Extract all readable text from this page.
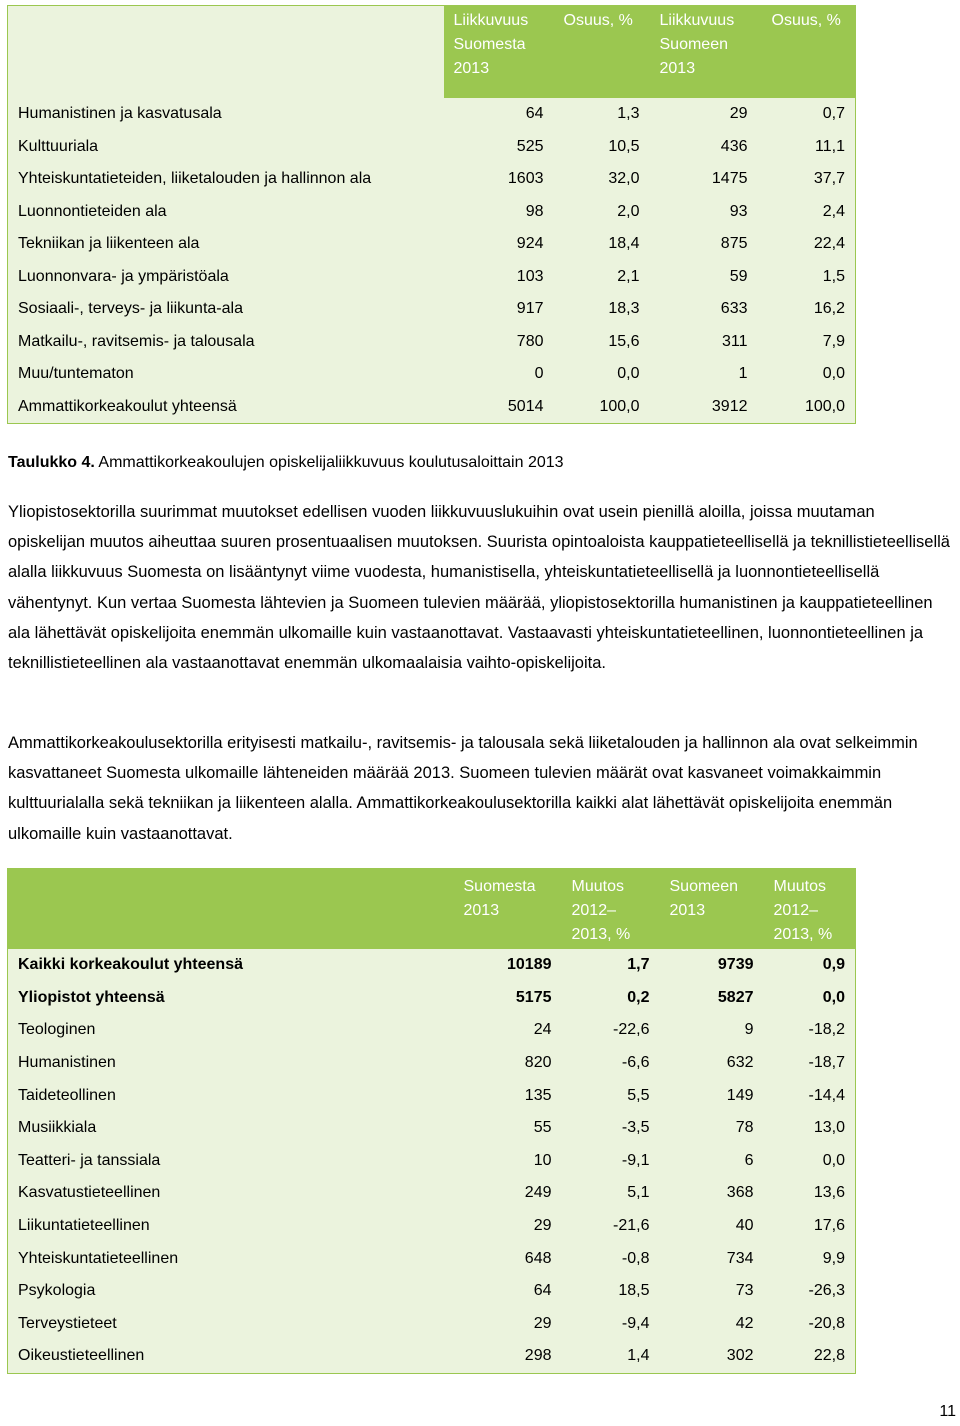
	Liikkuvuus Suomesta 2013	Osuus, %	Liikkuvuus Suomeen 2013	Osuus, %
Humanistinen ja kasvatusala	64	1,3	29	0,7
Kulttuuriala	525	10,5	436	11,1
Yhteiskuntatieteiden, liiketalouden ja hallinnon ala	1603	32,0	1475	37,7
Luonnontieteiden ala	98	2,0	93	2,4
Tekniikan ja liikenteen ala	924	18,4	875	22,4
Luonnonvara- ja ympäristöala	103	2,1	59	1,5
Sosiaali-, terveys- ja liikunta-ala	917	18,3	633	16,2
Matkailu-, ravitsemis- ja talousala	780	15,6	311	7,9
Muu/tuntematon	0	0,0	1	0,0
Ammattikorkeakoulut yhteensä	5014	100,0	3912	100,0
Taulukko 4. Ammattikorkeakoulujen opiskelijaliikkuvuus koulutusaloittain 2013

Yliopistosektorilla suurimmat muutokset edellisen vuoden liikkuvuuslukuihin ovat usein pienillä aloilla, joissa muutaman opiskelijan muutos aiheuttaa suuren prosentuaalisen muutoksen. Suurista opintoaloista kauppatieteellisellä ja teknillistieteellisellä alalla liikkuvuus Suomesta on lisääntynyt viime vuodesta, humanistisella, yhteiskuntatieteellisellä ja luonnontieteellisellä vähentynyt. Kun vertaa Suomesta lähtevien ja Suomeen tulevien määrää, yliopistosektorilla humanistinen ja kauppatieteellinen ala lähettävät opiskelijoita enemmän ulkomaille kuin vastaanottavat. Vastaavasti yhteiskuntatieteellinen, luonnontieteellinen ja teknillistieteellinen ala vastaanottavat enemmän ulkomaalaisia vaihto-opiskelijoita.

Ammattikorkeakoulusektorilla erityisesti matkailu-, ravitsemis- ja talousala sekä liiketalouden ja hallinnon ala ovat selkeimmin kasvattaneet Suomesta ulkomaille lähteneiden määrää 2013. Suomeen tulevien määrät ovat kasvaneet voimakkaimmin kulttuurialalla sekä tekniikan ja liikenteen alalla. Ammattikorkeakoulusektorilla kaikki alat lähettävät opiskelijoita enemmän ulkomaille kuin vastaanottavat.

	Suomesta 2013	Muutos 2012– 2013, %	Suomeen 2013	Muutos 2012– 2013, %
Kaikki korkeakoulut yhteensä	10189	1,7	9739	0,9
Yliopistot yhteensä	5175	0,2	5827	0,0
Teologinen	24	-22,6	9	-18,2
Humanistinen	820	-6,6	632	-18,7
Taideteollinen	135	5,5	149	-14,4
Musiikkiala	55	-3,5	78	13,0
Teatteri- ja tanssiala	10	-9,1	6	0,0
Kasvatustieteellinen	249	5,1	368	13,6
Liikuntatieteellinen	29	-21,6	40	17,6
Yhteiskuntatieteellinen	648	-0,8	734	9,9
Psykologia	64	18,5	73	-26,3
Terveystieteet	29	-9,4	42	-20,8
Oikeustieteellinen	298	1,4	302	22,8
11
